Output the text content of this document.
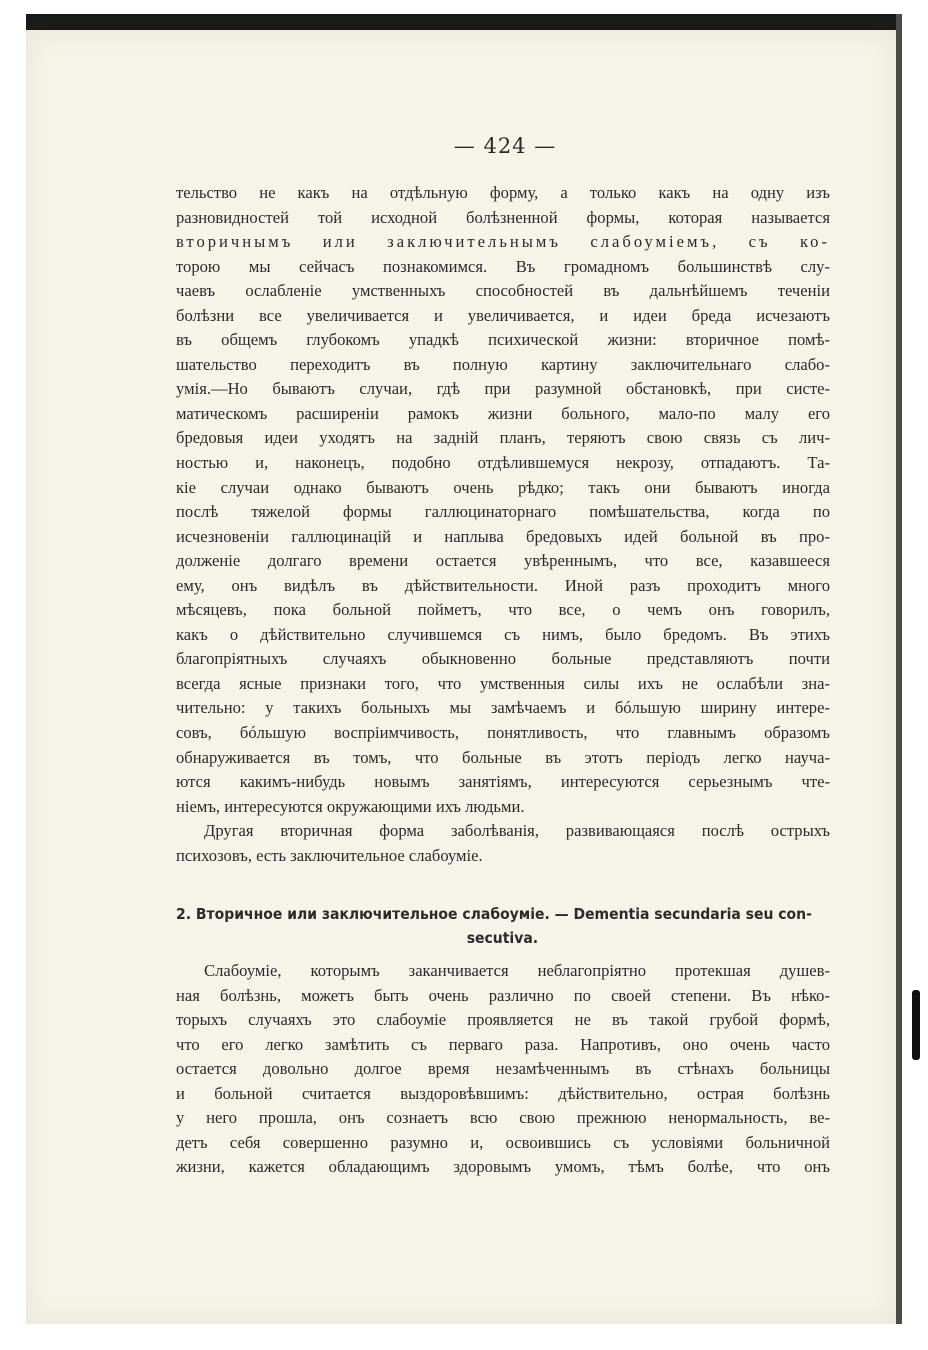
— 424 —
тельство не какъ на отдѣльную форму, а только какъ на одну изъ
разновидностей той исходной болѣзненной формы, которая называется
вторичнымъ или заключительнымъ слабоуміемъ, съ ко-
торою мы сейчасъ познакомимся. Въ громадномъ большинствѣ слу-
чаевъ ослабленіе умственныхъ способностей въ дальнѣйшемъ теченіи
болѣзни все увеличивается и увеличивается, и идеи бреда исчезаютъ
въ общемъ глубокомъ упадкѣ психической жизни: вторичное помѣ-
шательство переходитъ въ полную картину заключительнаго слабо-
умія.—Но бываютъ случаи, гдѣ при разумной обстановкѣ, при систе-
матическомъ расширеніи рамокъ жизни больного, мало-по малу его
бредовыя идеи уходятъ на заднiй планъ, теряютъ свою связь съ лич-
ностью и, наконецъ, подобно отдѣлившемуся некрозу, отпадаютъ. Та-
кіе случаи однако бываютъ очень рѣдко; такъ они бываютъ иногда
послѣ тяжелой формы галлюцинаторнаго помѣшательства, когда по
исчезновеніи галлюцинацій и наплыва бредовыхъ идей больной въ про-
долженіе долгаго времени остается увѣреннымъ, что все, казавшееся
ему, онъ видѣлъ въ дѣйствительности. Иной разъ проходитъ много
мѣсяцевъ, пока больной пойметъ, что все, о чемъ онъ говорилъ,
какъ о дѣйствительно случившемся съ нимъ, было бредомъ. Въ этихъ
благопріятныхъ случаяхъ обыкновенно больные представляютъ почти
всегда ясные признаки того, что умственныя силы ихъ не ослабѣли зна-
чительно: у такихъ больныхъ мы замѣчаемъ и бóльшую ширину интере-
совъ, бóльшую воспріимчивость, понятливость, что главнымъ образомъ
обнаруживается въ томъ, что больные въ этотъ періодъ легко научa-
ются какимъ-нибудь новымъ занятіямъ, интересуются серьезнымъ чте-
ніемъ, интересуются окружающими ихъ людьми.
Другая вторичная форма заболѣванія, развивающаяся послѣ острыхъ
психозовъ, есть заключительное слабоуміе.
2. Вторичное или заключительное слабоуміе. — Dementia secundaria seu con-
secutiva.
Слабоуміе, которымъ заканчивается неблагопріятно протекшая душев-
ная болѣзнь, можетъ быть очень различно по своей степени. Въ нѣко-
торыхъ случаяхъ это слабоуміе проявляется не въ такой грубой формѣ,
что его легко замѣтить съ перваго раза. Напротивъ, оно очень часто
остается довольно долгое время незамѣченнымъ въ стѣнахъ больницы
и больной считается выздоровѣвшимъ: дѣйствительно, острая болѣзнь
у него прошла, онъ сознаетъ всю свою прежнюю ненормальность, ве-
детъ себя совершенно разумно и, освоившись съ условіями больничной
жизни, кажется обладающимъ здоровымъ умомъ, тѣмъ болѣе, что онъ
